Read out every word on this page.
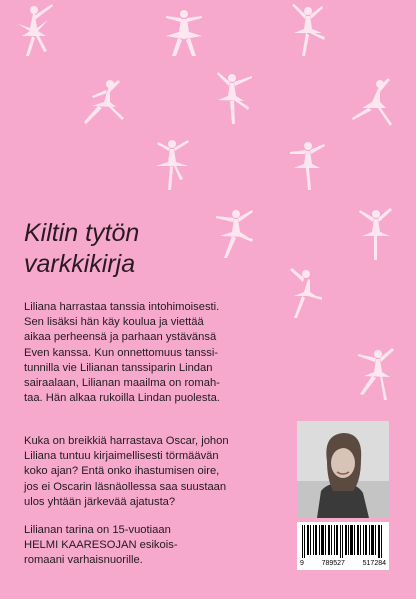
Kiltin tytön
varkkikirja

Liliana harrastaa tanssia intohimoisesti.
Sen lisäksi hän käy koulua ja viettää
aikaa perheensä ja parhaan ystävänsä
Even kanssa. Kun onnettomuus tanssi-
tunnilla vie Lilianan tanssiparin Lindan
sairaalaan, Lilianan maailma on romah-
taa. Hän alkaa rukoilla Lindan puolesta.

Kuka on breikkiä harrastava Oscar, johon
Liliana tuntuu kirjaimellisesti törmäävän
koko ajan? Entä onko ihastumisen oire,
jos ei Oscarin läsnäollessa saa suustaan
ulos yhtään järkevää ajatusta?

Lilianan tarina on 15-vuotiaan
HELMI KAARESOJAN esikois-
romaani varhaisnuorille.	9	789527	517284
